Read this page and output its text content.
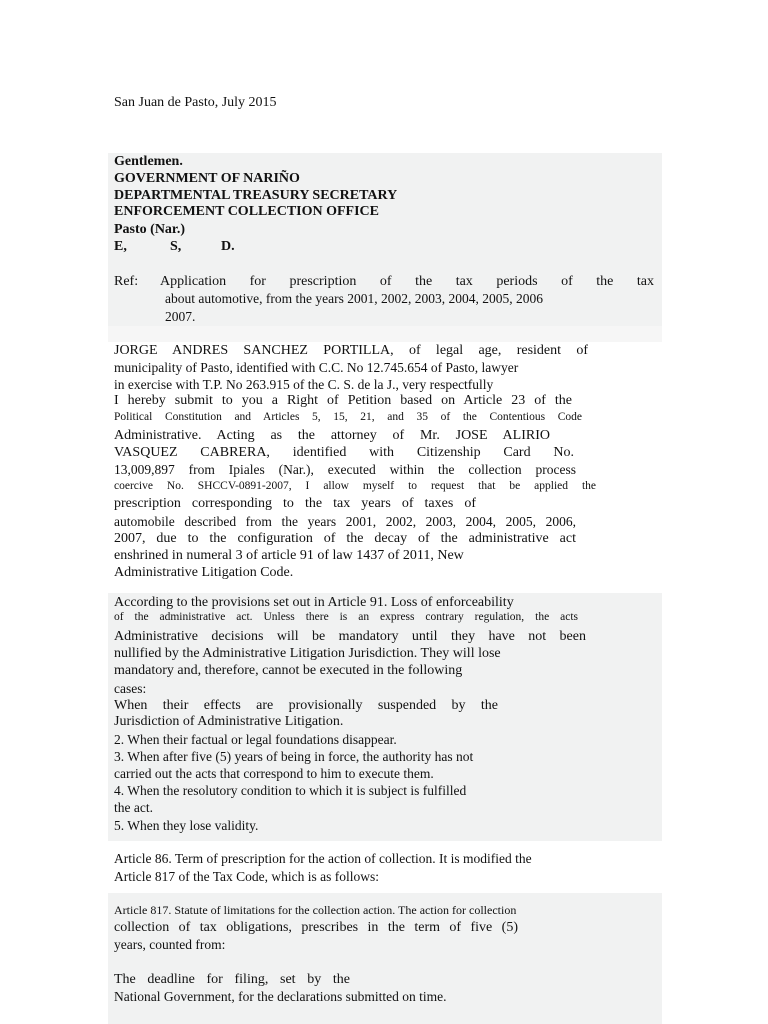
San Juan de Pasto, July 2015
Gentlemen.
GOVERNMENT OF NARIÑO
DEPARTMENTAL TREASURY SECRETARY
ENFORCEMENT COLLECTION OFFICE
Pasto (Nar.)
E,	S,	D.
Ref: Application for prescription of the tax periods of the tax
about automotive, from the years 2001, 2002, 2003, 2004, 2005, 2006
2007.
JORGE ANDRES SANCHEZ PORTILLA, of legal age, resident of
municipality of Pasto, identified with C.C. No 12.745.654 of Pasto, lawyer
in exercise with T.P. No 263.915 of the C. S. de la J., very respectfully
I hereby submit to you a Right of Petition based on Article 23 of the
Political Constitution and Articles 5, 15, 21, and 35 of the Contentious Code
Administrative. Acting as the attorney of Mr. JOSE ALIRIO
VASQUEZ CABRERA, identified with Citizenship Card No.
13,009,897 from Ipiales (Nar.), executed within the collection process
coercive No. SHCCV-0891-2007, I allow myself to request that be applied the
prescription corresponding to the tax years of taxes of
automobile described from the years 2001, 2002, 2003, 2004, 2005, 2006,
2007, due to the configuration of the decay of the administrative act
enshrined in numeral 3 of article 91 of law 1437 of 2011, New
Administrative Litigation Code.
According to the provisions set out in Article 91. Loss of enforceability
of the administrative act. Unless there is an express contrary regulation, the acts
Administrative decisions will be mandatory until they have not been
nullified by the Administrative Litigation Jurisdiction. They will lose
mandatory and, therefore, cannot be executed in the following
cases:
When their effects are provisionally suspended by the
Jurisdiction of Administrative Litigation.
2. When their factual or legal foundations disappear.
3. When after five (5) years of being in force, the authority has not
carried out the acts that correspond to him to execute them.
4. When the resolutory condition to which it is subject is fulfilled
the act.
5. When they lose validity.
Article 86. Term of prescription for the action of collection. It is modified the
Article 817 of the Tax Code, which is as follows:
Article 817. Statute of limitations for the collection action. The action for collection
collection of tax obligations, prescribes in the term of five (5)
years, counted from:
The deadline for filing, set by the
National Government, for the declarations submitted on time.
